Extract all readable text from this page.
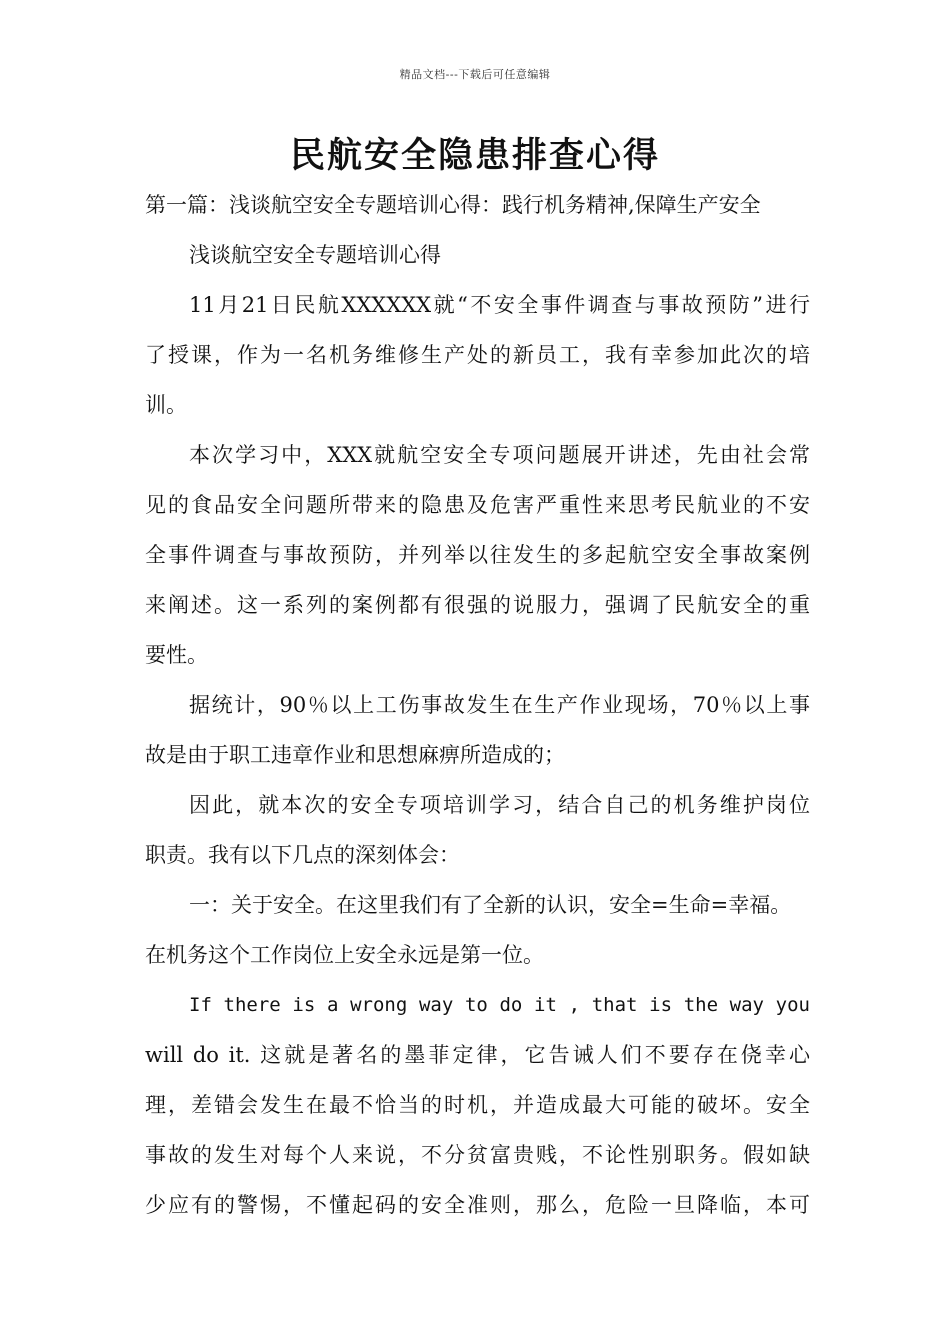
精品文档---下载后可任意编辑
民航安全隐患排查心得

第一篇：浅谈航空安全专题培训心得：践行机务精神,保障生产安全

浅谈航空安全专题培训心得

11月21日民航XXXXXX就“不安全事件调查与事故预防”进行

了授课，作为一名机务维修生产处的新员工，我有幸参加此次的培

训。

本次学习中，XXX就航空安全专项问题展开讲述，先由社会常

见的食品安全问题所带来的隐患及危害严重性来思考民航业的不安

全事件调查与事故预防，并列举以往发生的多起航空安全事故案例

来阐述。这一系列的案例都有很强的说服力，强调了民航安全的重

要性。

据统计，90％以上工伤事故发生在生产作业现场，70％以上事

故是由于职工违章作业和思想麻痹所造成的；

因此，就本次的安全专项培训学习，结合自己的机务维护岗位

职责。我有以下几点的深刻体会：

一：关于安全。在这里我们有了全新的认识，安全=生命=幸福。

在机务这个工作岗位上安全永远是第一位。

If there is a wrong way to do it , that is the way you

will do it. 这就是著名的墨菲定律，它告诫人们不要存在侥幸心

理，差错会发生在最不恰当的时机，并造成最大可能的破坏。安全

事故的发生对每个人来说，不分贫富贵贱，不论性别职务。假如缺

少应有的警惕，不懂起码的安全准则，那么，危险一旦降临，本可
